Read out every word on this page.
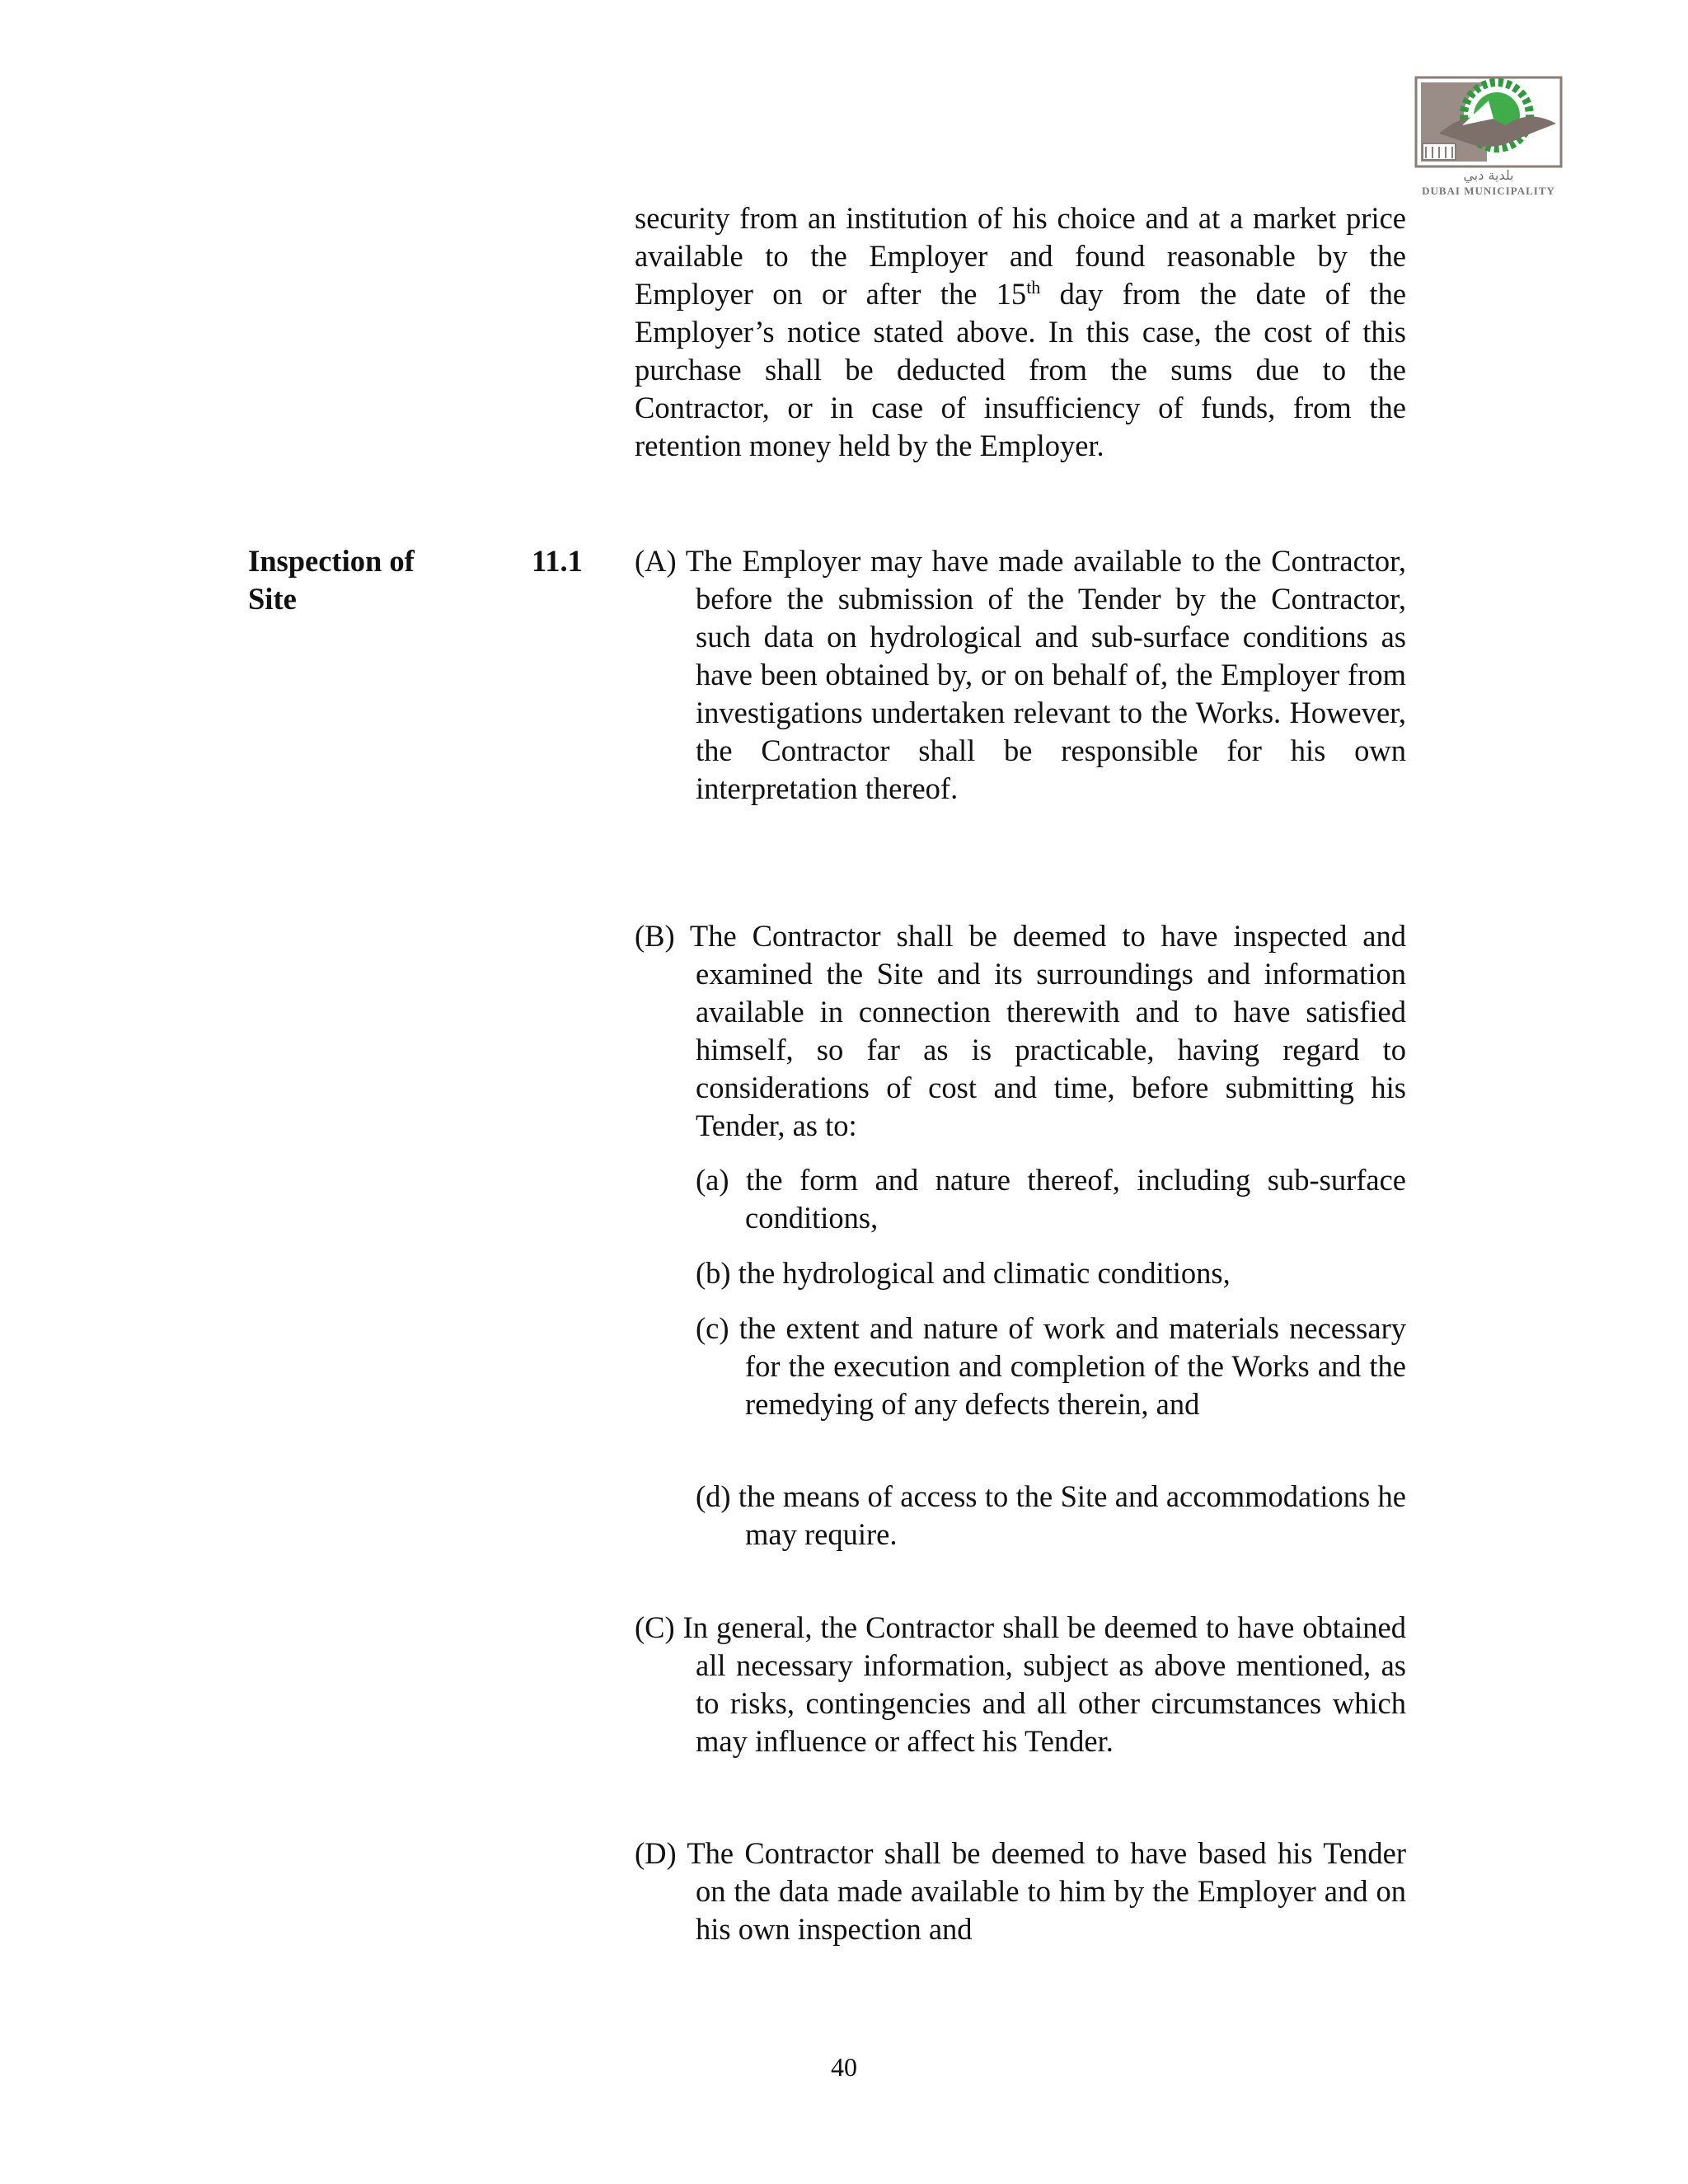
بلدية دبي
DUBAI MUNICIPALITY

security from an institution of his choice and at a market price available to the Employer and found reasonable by the Employer on or after the 15th day from the date of the Employer’s notice stated above. In this case, the cost of this purchase shall be deducted from the sums due to the Contractor, or in case of insufficiency of funds, from the retention money held by the Employer.

Inspection of
Site
11.1 (A) The Employer may have made available to the Contractor, before the submission of the Tender by the Contractor, such data on hydrological and sub-surface conditions as have been obtained by, or on behalf of, the Employer from investigations undertaken relevant to the Works. However, the Contractor shall be responsible for his own interpretation thereof.

(B) The Contractor shall be deemed to have inspected and examined the Site and its surroundings and information available in connection therewith and to have satisfied himself, so far as is practicable, having regard to considerations of cost and time, before submitting his Tender, as to:

(a) the form and nature thereof, including sub-surface conditions,

(b) the hydrological and climatic conditions,

(c) the extent and nature of work and materials necessary for the execution and completion of the Works and the remedying of any defects therein, and

(d) the means of access to the Site and accommodations he may require.

(C) In general, the Contractor shall be deemed to have obtained all necessary information, subject as above mentioned, as to risks, contingencies and all other circumstances which may influence or affect his Tender.

(D) The Contractor shall be deemed to have based his Tender on the data made available to him by the Employer and on his own inspection and

40
